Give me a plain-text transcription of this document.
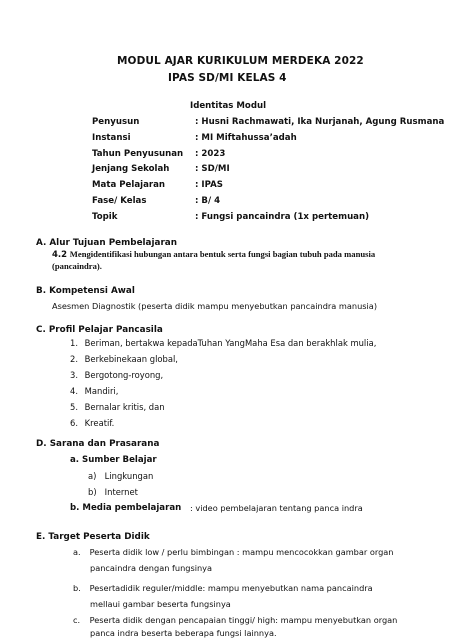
MODUL AJAR KURIKULUM MERDEKA 2022
IPAS SD/MI KELAS 4
Identitas Modul
Penyusun	: Husni Rachmawati, Ika Nurjanah, Agung Rusmana
Instansi	: MI Miftahussa’adah
Tahun Penyusunan : 2023
Jenjang Sekolah	: SD/MI
Mata Pelajaran	: IPAS
Fase/ Kelas	: B/ 4
Topik	: Fungsi pancaindra (1x pertemuan)
A. Alur Tujuan Pembelajaran
4.2 Mengidentifikasi hubungan antara bentuk serta fungsi bagian tubuh pada manusia
(pancaindra).
B. Kompetensi Awal
Asesmen Diagnostik (peserta didik mampu menyebutkan pancaindra manusia)
C. Profil Pelajar Pancasila
1. Beriman, bertakwa kepadaTuhan YangMaha Esa dan berakhlak mulia,
2. Berkebinekaan global,
3. Bergotong-royong,
4. Mandiri,
5. Bernalar kritis, dan
6. Kreatif.
D. Sarana dan Prasarana
a. Sumber Belajar
a) Lingkungan
b) Internet
b. Media pembelajaran : video pembelajaran tentang panca indra
E. Target Peserta Didik
a. Peserta didik low / perlu bimbingan : mampu mencocokkan gambar organ
pancaindra dengan fungsinya
b. Pesertadidik reguler/middle: mampu menyebutkan nama pancaindra
mellaui gambar beserta fungsinya
c. Peserta didik dengan pencapaian tinggi/ high: mampu menyebutkan organ
panca indra beserta beberapa fungsi lainnya.
